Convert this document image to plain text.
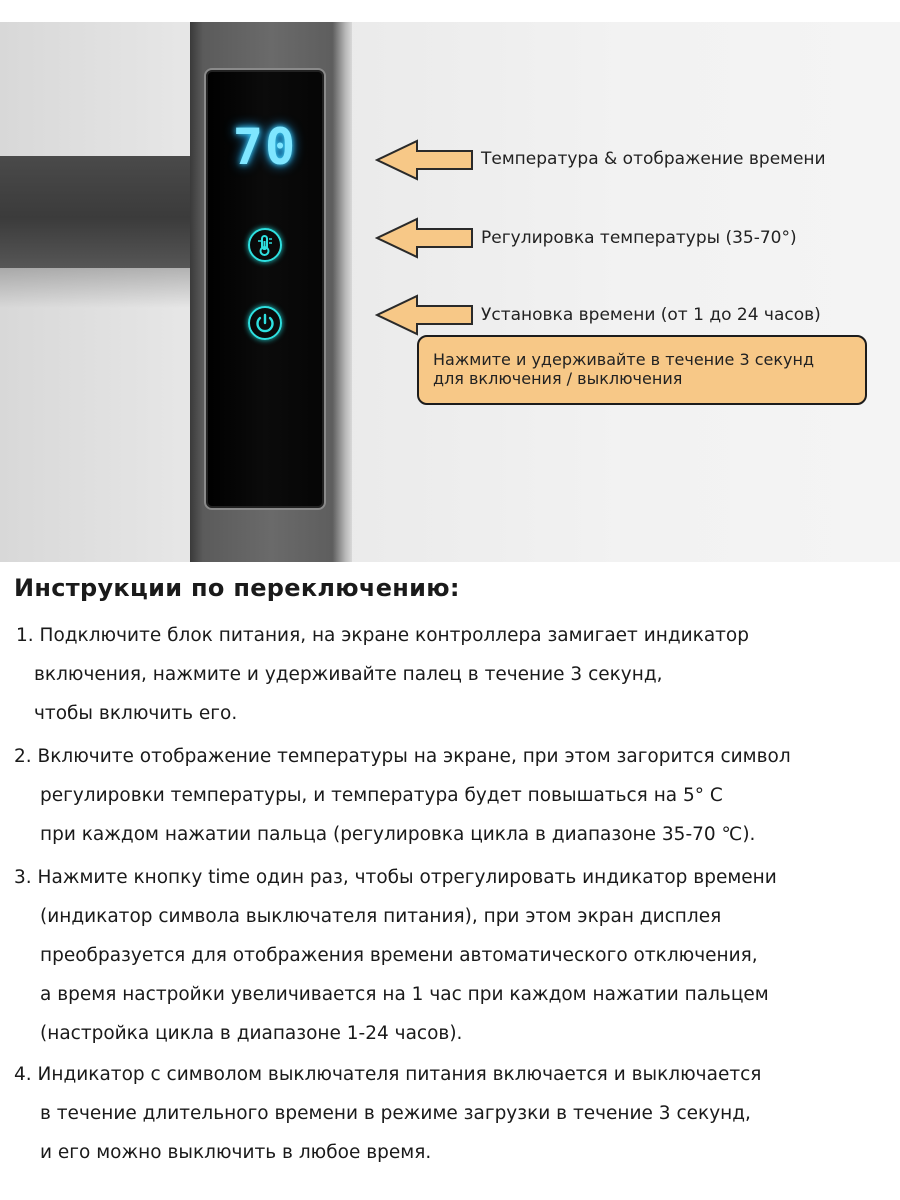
70	Температура & отображение времени
Регулировка температуры (35-70°)
Установка времени (от 1 до 24 часов)
Нажмите и удерживайте в течение 3 секунд
для включения / выключения
Инструкции по переключению:
1. Подключите блок питания, на экране контроллера замигает индикатор
включения, нажмите и удерживайте палец в течение 3 секунд,
чтобы включить его.
2. Включите отображение температуры на экране, при этом загорится символ
регулировки температуры, и температура будет повышаться на 5° С
при каждом нажатии пальца (регулировка цикла в диапазоне 35-70 ℃).
3. Нажмите кнопку time один раз, чтобы отрегулировать индикатор времени
(индикатор символа выключателя питания), при этом экран дисплея
преобразуется для отображения времени автоматического отключения,
а время настройки увеличивается на 1 час при каждом нажатии пальцем
(настройка цикла в диапазоне 1-24 часов).
4. Индикатор с символом выключателя питания включается и выключается
в течение длительного времени в режиме загрузки в течение 3 секунд,
и его можно выключить в любое время.
